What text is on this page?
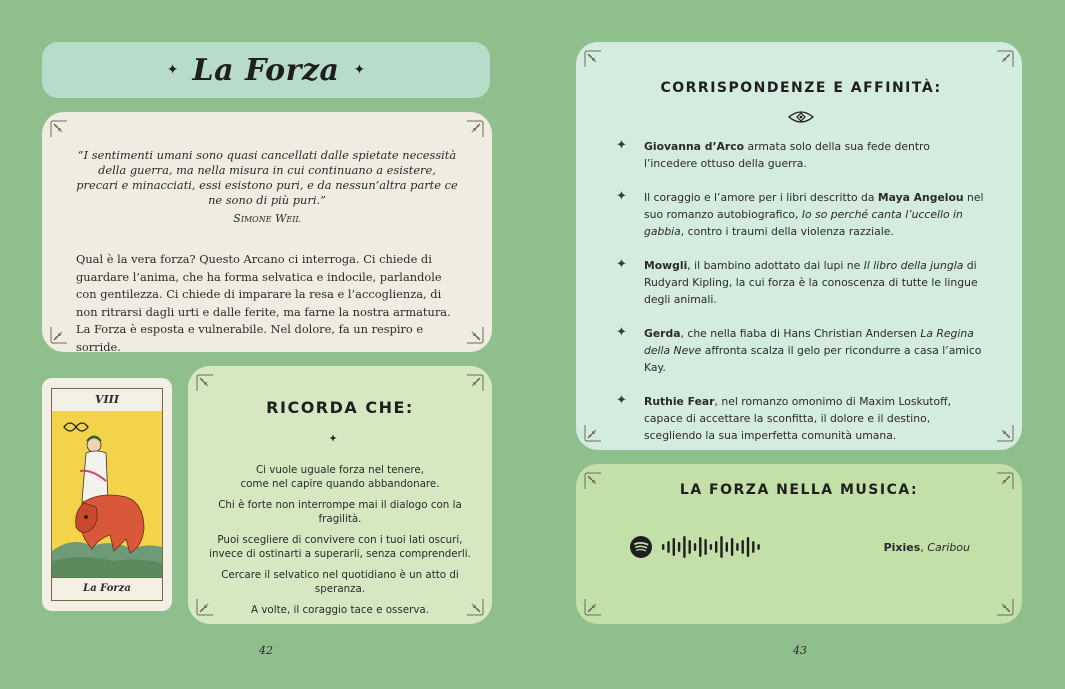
✦ La Forza ✦

“I sentimenti umani sono quasi cancellati dalle spietate necessità della guerra, ma nella misura in cui continuano a esistere, precari e minacciati, essi esistono puri, e da nessun’altra parte ce ne sono di più puri.”

Simone Weil
Qual è la vera forza? Questo Arcano ci interroga. Ci chiede di guardare l’anima, che ha forma selvatica e indocile, parlandole con gentilezza. Ci chiede di imparare la resa e l’accoglienza, di non ritrarsi dagli urti e dalle ferite, ma farne la nostra armatura. La Forza è esposta e vulnerabile. Nel dolore, fa un respiro e sorride.
VIII
La Forza
RICORDA CHE:

Ci vuole uguale forza nel tenere,
come nel capire quando abbandonare.

Chi è forte non interrompe mai il dialogo con la fragilità.

Puoi scegliere di convivere con i tuoi lati oscuri,
invece di ostinarti a superarli, senza comprenderli.

Cercare il selvatico nel quotidiano è un atto di speranza.

A volte, il coraggio tace e osserva.

CORRISPONDENZE E AFFINITÀ:
✦ Giovanna d’Arco armata solo della sua fede dentro l’incedere ottuso della guerra.
✦ Il coraggio e l’amore per i libri descritto da Maya Angelou nel suo romanzo autobiografico, Io so perché canta l’uccello in gabbia, contro i traumi della violenza razziale.
✦ Mowgli, il bambino adottato dai lupi ne Il libro della jungla di Rudyard Kipling, la cui forza è la conoscenza di tutte le lingue degli animali.
✦ Gerda, che nella fiaba di Hans Christian Andersen La Regina della Neve affronta scalza il gelo per ricondurre a casa l’amico Kay.
✦ Ruthie Fear, nel romanzo omonimo di Maxim Loskutoff, capace di accettare la sconfitta, il dolore e il destino, scegliendo la sua imperfetta comunità umana.
LA FORZA NELLA MUSICA:
Pixies, Caribou
42	43
